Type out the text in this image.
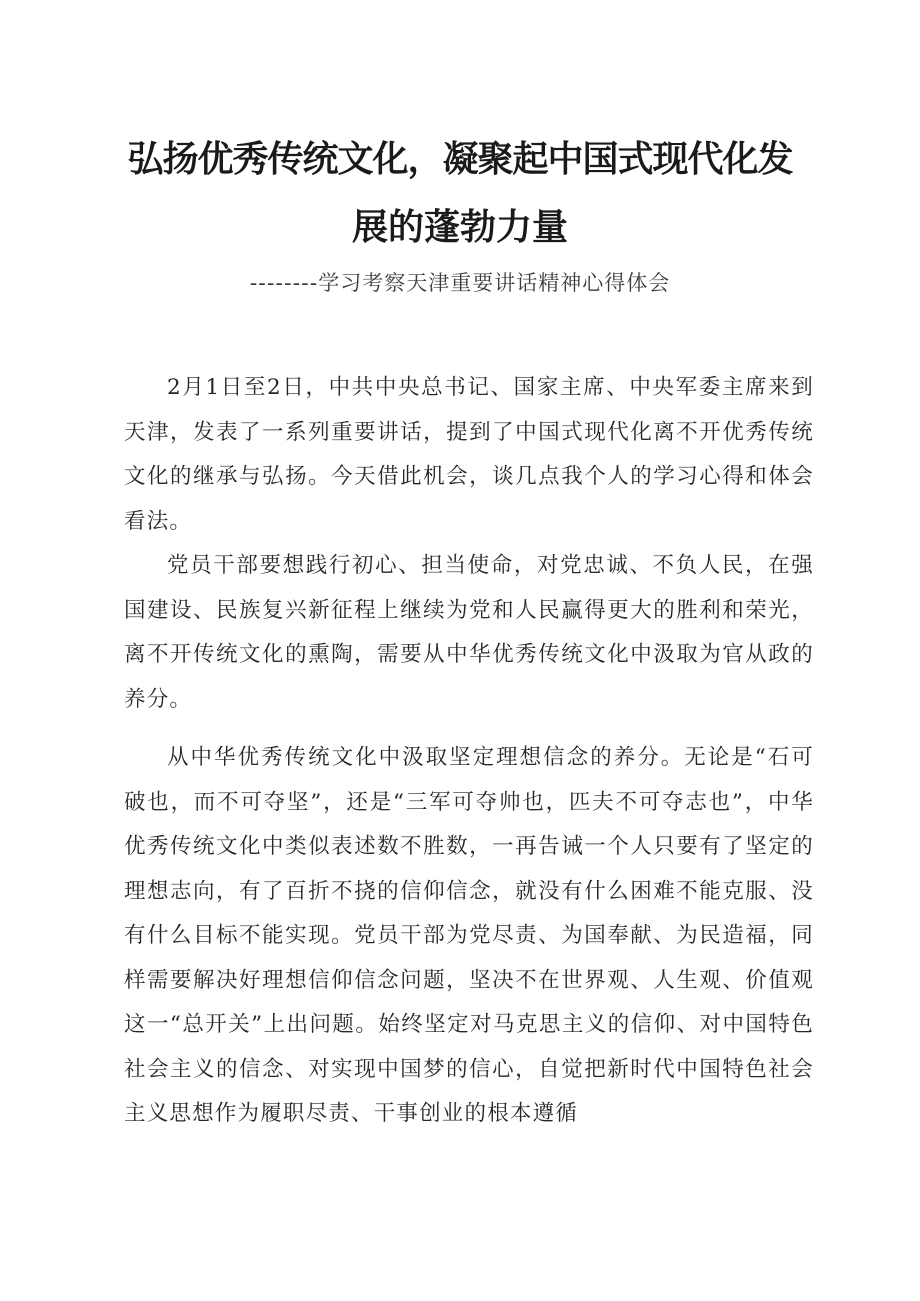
弘扬优秀传统文化，凝聚起中国式现代化发
展的蓬勃力量
--------学习考察天津重要讲话精神心得体会

2月1日至2日，中共中央总书记、国家主席、中央军委主席来到天津，发表了一系列重要讲话，提到了中国式现代化离不开优秀传统文化的继承与弘扬。今天借此机会，谈几点我个人的学习心得和体会看法。

党员干部要想践行初心、担当使命，对党忠诚、不负人民，在强国建设、民族复兴新征程上继续为党和人民赢得更大的胜利和荣光，离不开传统文化的熏陶，需要从中华优秀传统文化中汲取为官从政的养分。

从中华优秀传统文化中汲取坚定理想信念的养分。无论是“石可破也，而不可夺坚”，还是“三军可夺帅也，匹夫不可夺志也”，中华优秀传统文化中类似表述数不胜数，一再告诫一个人只要有了坚定的理想志向，有了百折不挠的信仰信念，就没有什么困难不能克服、没有什么目标不能实现。党员干部为党尽责、为国奉献、为民造福，同样需要解决好理想信仰信念问题，坚决不在世界观、人生观、价值观这一“总开关”上出问题。始终坚定对马克思主义的信仰、对中国特色社会主义的信念、对实现中国梦的信心，自觉把新时代中国特色社会主义思想作为履职尽责、干事创业的根本遵循
